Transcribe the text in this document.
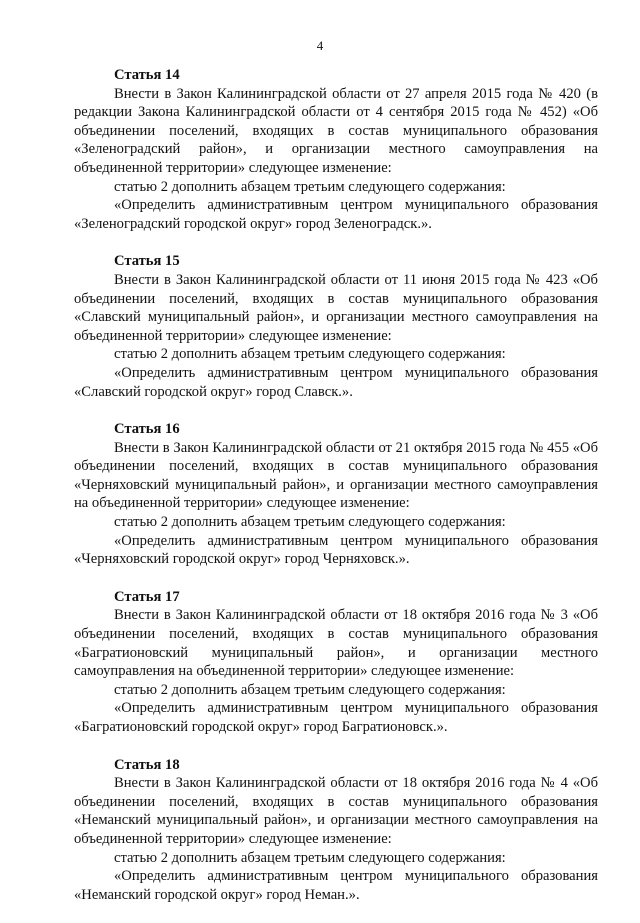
4
Статья 14

Внести в Закон Калининградской области от 27 апреля 2015 года № 420 (в редакции Закона Калининградской области от 4 сентября 2015 года № 452) «Об объединении поселений, входящих в состав муниципального образования «Зеленоградский район», и организации местного самоуправления на объединенной территории» следующее изменение:

статью 2 дополнить абзацем третьим следующего содержания:

«Определить административным центром муниципального образования «Зеленоградский городской округ» город Зеленоградск.».

Статья 15

Внести в Закон Калининградской области от 11 июня 2015 года № 423 «Об объединении поселений, входящих в состав муниципального образования «Славский муниципальный район», и организации местного самоуправления на объединенной территории» следующее изменение:

статью 2 дополнить абзацем третьим следующего содержания:

«Определить административным центром муниципального образования «Славский городской округ» город Славск.».

Статья 16

Внести в Закон Калининградской области от 21 октября 2015 года № 455 «Об объединении поселений, входящих в состав муниципального образования «Черняховский муниципальный район», и организации местного самоуправления на объединенной территории» следующее изменение:

статью 2 дополнить абзацем третьим следующего содержания:

«Определить административным центром муниципального образования «Черняховский городской округ» город Черняховск.».

Статья 17

Внести в Закон Калининградской области от 18 октября 2016 года № 3 «Об объединении поселений, входящих в состав муниципального образования «Багратионовский муниципальный район», и организации местного самоуправления на объединенной территории» следующее изменение:

статью 2 дополнить абзацем третьим следующего содержания:

«Определить административным центром муниципального образования «Багратионовский городской округ» город Багратионовск.».

Статья 18

Внести в Закон Калининградской области от 18 октября 2016 года № 4 «Об объединении поселений, входящих в состав муниципального образования «Неманский муниципальный район», и организации местного самоуправления на объединенной территории» следующее изменение:

статью 2 дополнить абзацем третьим следующего содержания:

«Определить административным центром муниципального образования «Неманский городской округ» город Неман.».
